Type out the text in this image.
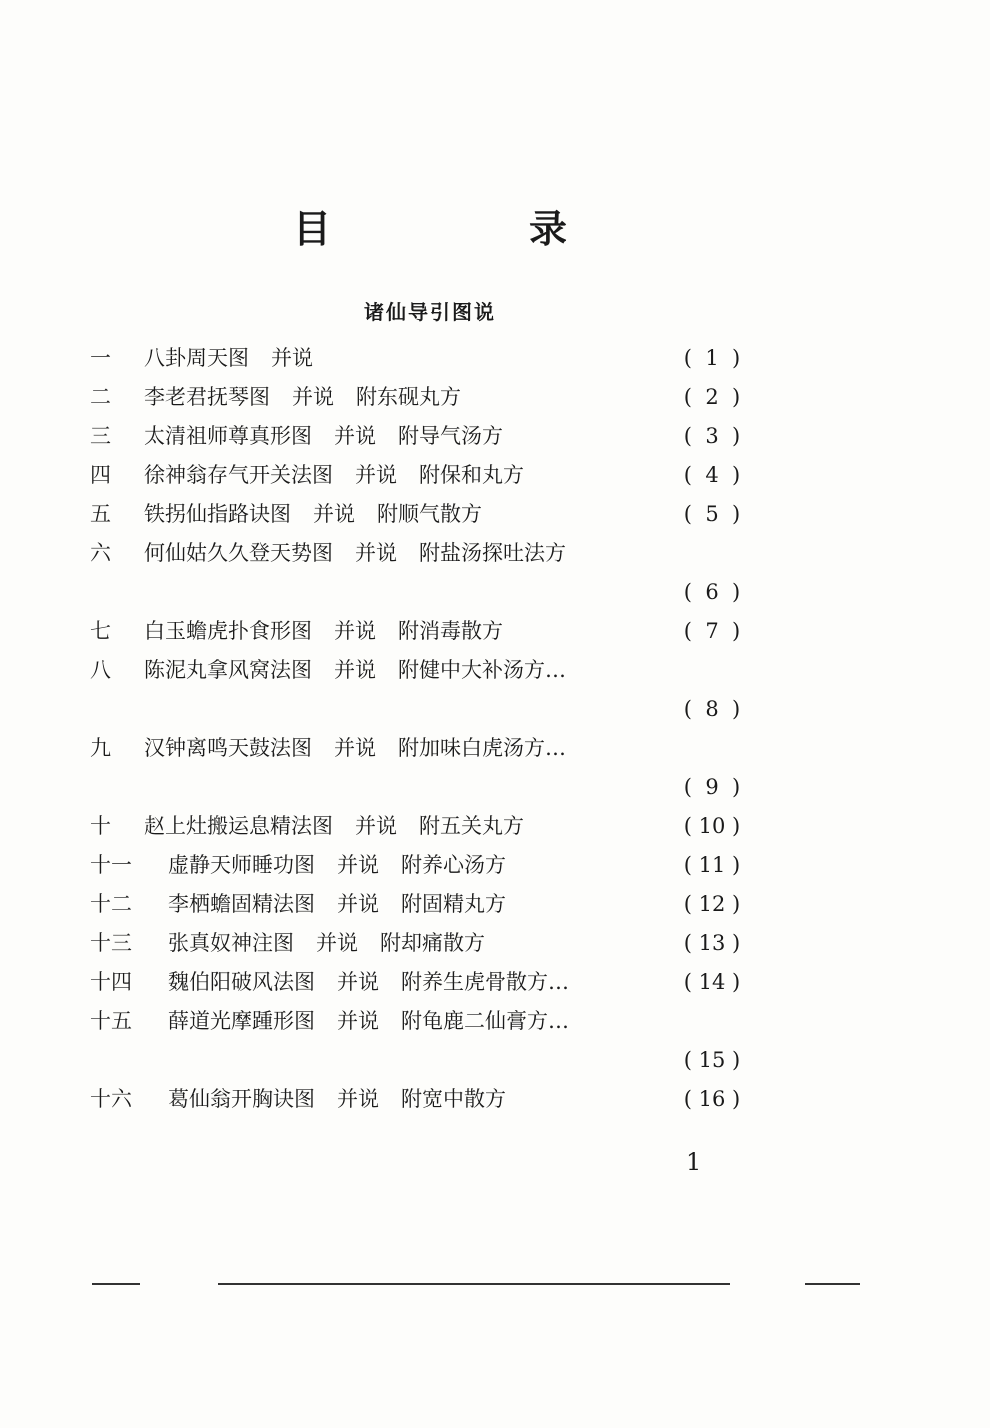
目　录
诸仙导引图说
一 八卦周天图 并说	( 1 )
二 李老君抚琴图 并说 附东砚丸方	( 2 )
三 太清祖师尊真形图 并说 附导气汤方	( 3 )
四 徐神翁存气开关法图 并说 附保和丸方	( 4 )
五 铁拐仙指路诀图 并说 附顺气散方	( 5 )
六 何仙姑久久登天势图 并说 附盐汤探吐法方
( 6 )
七 白玉蟾虎扑食形图 并说 附消毒散方	( 7 )
八 陈泥丸拿风窝法图 并说 附健中大补汤方…
( 8 )
九 汉钟离鸣天鼓法图 并说 附加味白虎汤方…
( 9 )
十 赵上灶搬运息精法图 并说 附五关丸方	( 10 )
十一 虚静天师睡功图 并说 附养心汤方	( 11 )
十二 李栖蟾固精法图 并说 附固精丸方	( 12 )
十三 张真奴神注图 并说 附却痛散方	( 13 )
十四 魏伯阳破风法图 并说 附养生虎骨散方…	( 14 )
十五 薛道光摩踵形图 并说 附龟鹿二仙膏方…
( 15 )
十六 葛仙翁开胸诀图 并说 附宽中散方	( 16 )
1
